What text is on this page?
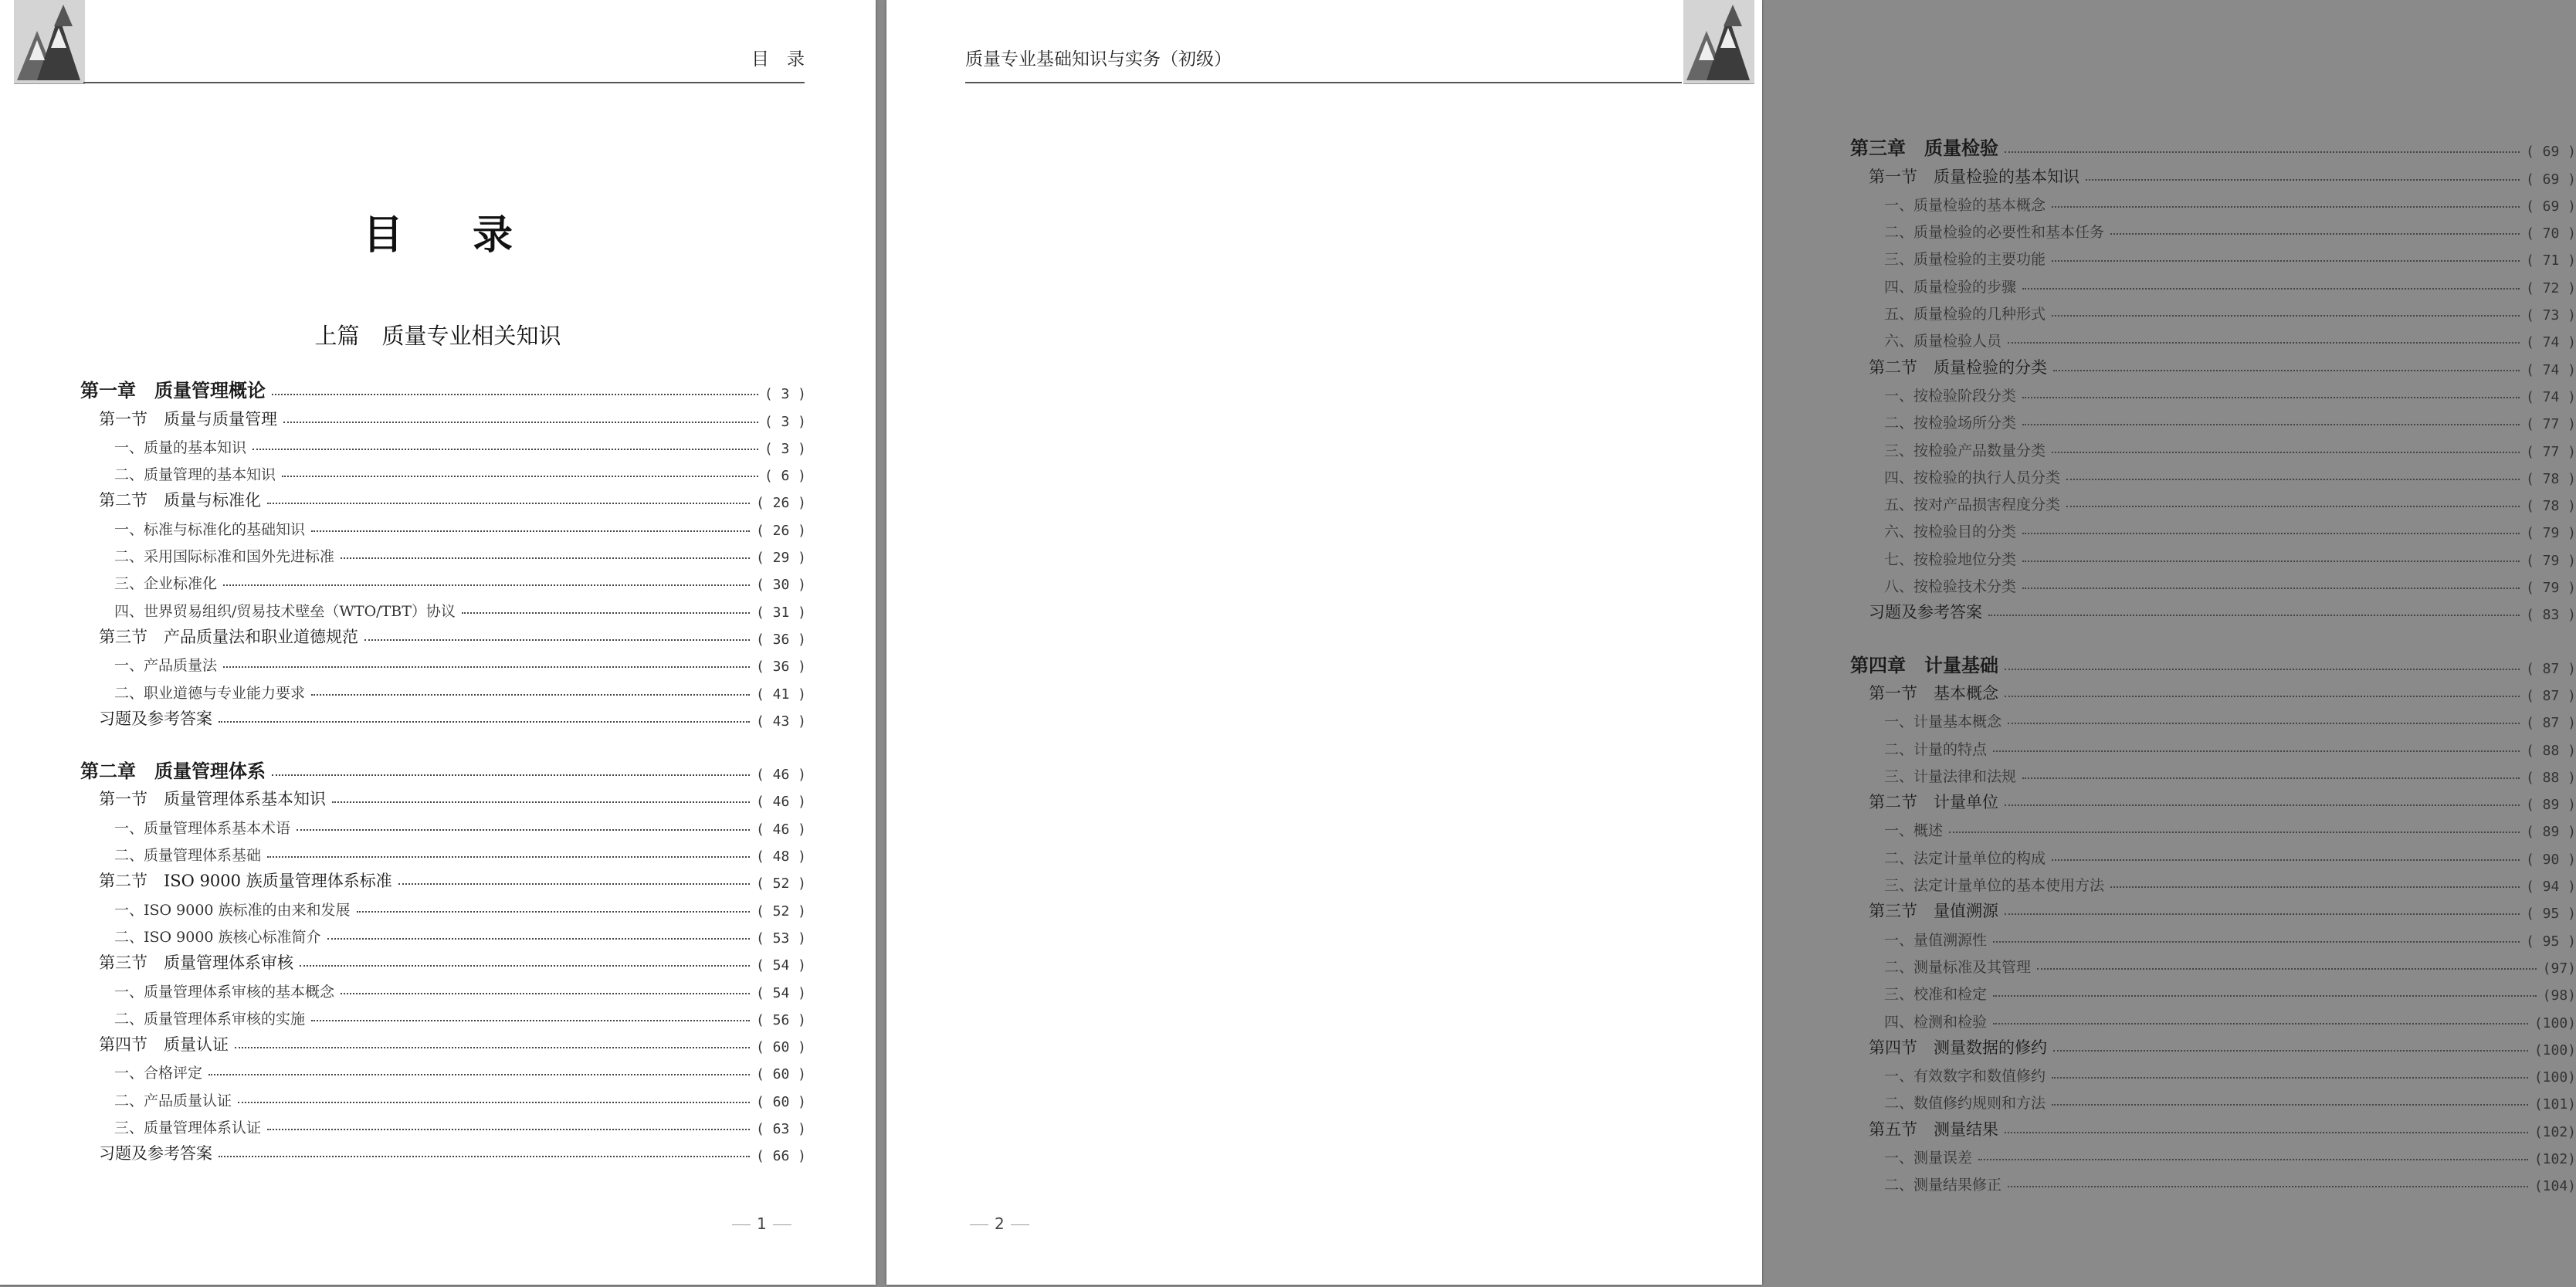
目　录
目录
上篇　质量专业相关知识
第一章　质量管理概论	( 3 )
第一节　质量与质量管理	( 3 )
一、质量的基本知识	( 3 )
二、质量管理的基本知识	( 6 )
第二节　质量与标准化	( 26 )
一、标准与标准化的基础知识	( 26 )
二、采用国际标准和国外先进标准	( 29 )
三、企业标准化	( 30 )
四、世界贸易组织/贸易技术壁垒（WTO/TBT）协议	( 31 )
第三节　产品质量法和职业道德规范	( 36 )
一、产品质量法	( 36 )
二、职业道德与专业能力要求	( 41 )
习题及参考答案	( 43 )
第二章　质量管理体系	( 46 )
第一节　质量管理体系基本知识	( 46 )
一、质量管理体系基本术语	( 46 )
二、质量管理体系基础	( 48 )
第二节　ISO 9000 族质量管理体系标准	( 52 )
一、ISO 9000 族标准的由来和发展	( 52 )
二、ISO 9000 族核心标准简介	( 53 )
第三节　质量管理体系审核	( 54 )
一、质量管理体系审核的基本概念	( 54 )
二、质量管理体系审核的实施	( 56 )
第四节　质量认证	( 60 )
一、合格评定	( 60 )
二、产品质量认证	( 60 )
三、质量管理体系认证	( 63 )
习题及参考答案	( 66 )
1
质量专业基础知识与实务（初级）
第三章　质量检验	( 69 )
第一节　质量检验的基本知识	( 69 )
一、质量检验的基本概念	( 69 )
二、质量检验的必要性和基本任务	( 70 )
三、质量检验的主要功能	( 71 )
四、质量检验的步骤	( 72 )
五、质量检验的几种形式	( 73 )
六、质量检验人员	( 74 )
第二节　质量检验的分类	( 74 )
一、按检验阶段分类	( 74 )
二、按检验场所分类	( 77 )
三、按检验产品数量分类	( 77 )
四、按检验的执行人员分类	( 78 )
五、按对产品损害程度分类	( 78 )
六、按检验目的分类	( 79 )
七、按检验地位分类	( 79 )
八、按检验技术分类	( 79 )
习题及参考答案	( 83 )
第四章　计量基础	( 87 )
第一节　基本概念	( 87 )
一、计量基本概念	( 87 )
二、计量的特点	( 88 )
三、计量法律和法规	( 88 )
第二节　计量单位	( 89 )
一、概述	( 89 )
二、法定计量单位的构成	( 90 )
三、法定计量单位的基本使用方法	( 94 )
第三节　量值溯源	( 95 )
一、量值溯源性	( 95 )
二、测量标准及其管理	(97)
三、校准和检定	(98)
四、检测和检验	(100)
第四节　测量数据的修约	(100)
一、有效数字和数值修约	(100)
二、数值修约规则和方法	(101)
第五节　测量结果	(102)
一、测量误差	(102)
二、测量结果修正	(104)
2
